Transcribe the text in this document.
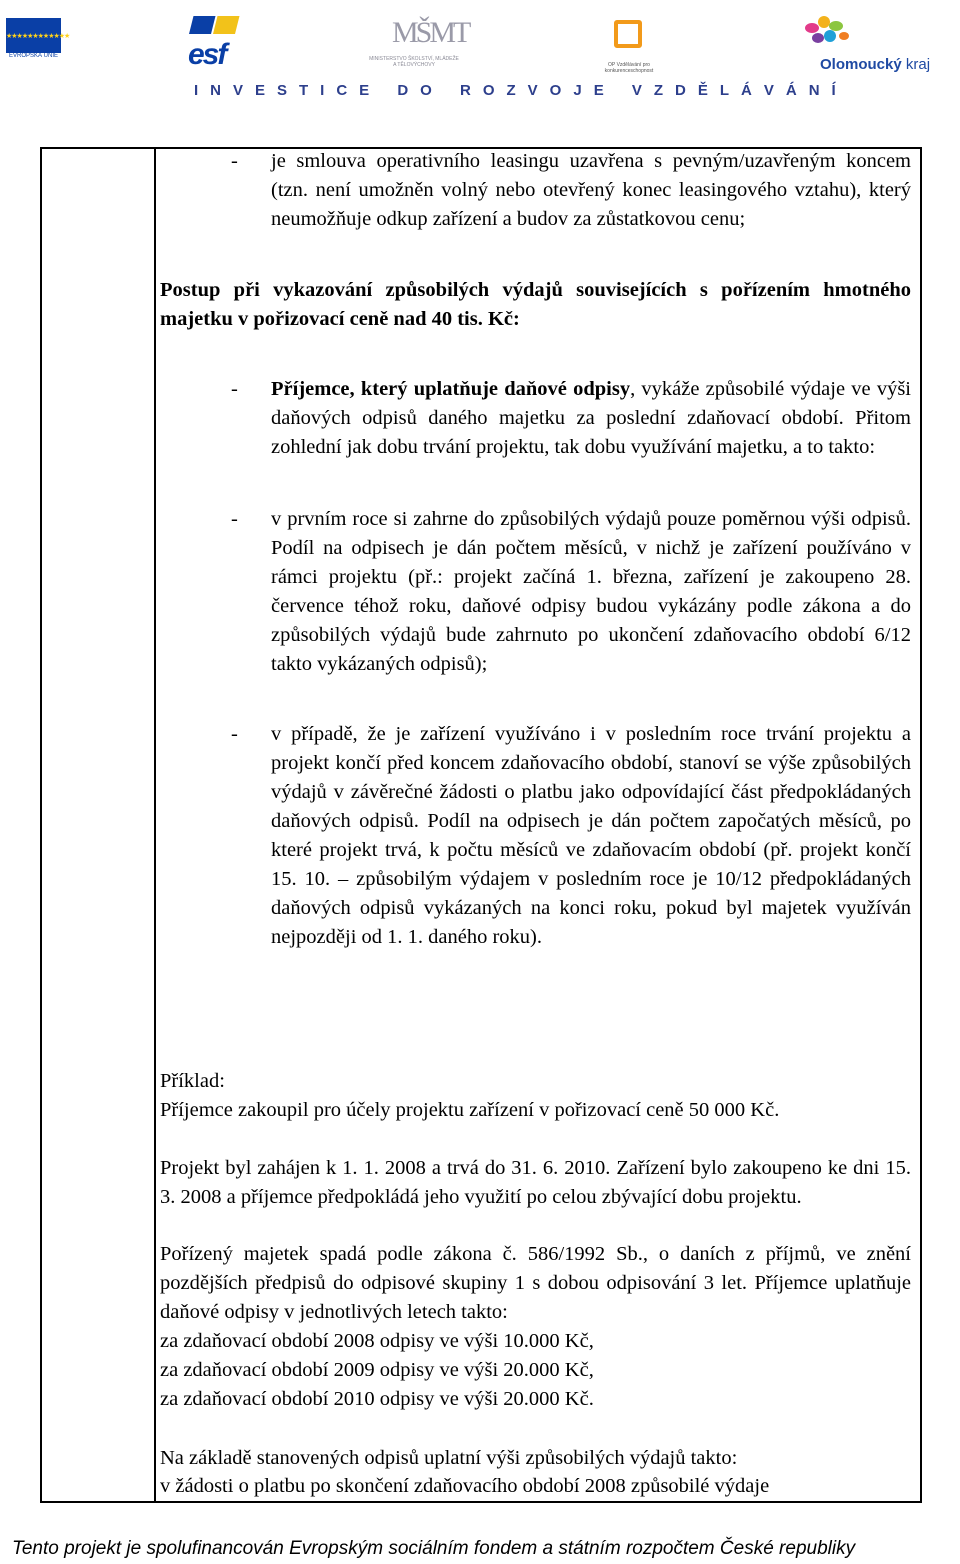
★★★★★★★★★★★★
EVROPSKÁ UNIE	esf
MŠMT
MINISTERSTVO ŠKOLSTVÍ, MLÁDEŽE A TĚLOVÝCHOVY	OP Vzdělávání pro konkurenceschopnost	Olomoucký kraj
INVESTICE DO ROZVOJE VZDĚLÁVÁNÍ
- je smlouva operativního leasingu uzavřena s pevným/uzavřeným koncem (tzn. není umožněn volný nebo otevřený konec leasingového vztahu), který neumožňuje odkup zařízení a budov za zůstatkovou cenu;
Postup při vykazování způsobilých výdajů souvisejících s pořízením hmotného majetku v pořizovací ceně nad 40 tis. Kč:
- Příjemce, který uplatňuje daňové odpisy, vykáže způsobilé výdaje ve výši daňových odpisů daného majetku za poslední zdaňovací období. Přitom zohlední jak dobu trvání projektu, tak dobu využívání majetku, a to takto:
- v prvním roce si zahrne do způsobilých výdajů pouze poměrnou výši odpisů. Podíl na odpisech je dán počtem měsíců, v nichž je zařízení používáno v rámci projektu (př.: projekt začíná 1. března, zařízení je zakoupeno 28. července téhož roku, daňové odpisy budou vykázány podle zákona a do způsobilých výdajů bude zahrnuto po ukončení zdaňovacího období 6/12 takto vykázaných odpisů);
- v případě, že je zařízení využíváno i v posledním roce trvání projektu a projekt končí před koncem zdaňovacího období, stanoví se výše způsobilých výdajů v závěrečné žádosti o platbu jako odpovídající část předpokládaných daňových odpisů. Podíl na odpisech je dán počtem započatých měsíců, po které projekt trvá, k počtu měsíců ve zdaňovacím období (př. projekt končí 15. 10. – způsobilým výdajem v posledním roce je 10/12 předpokládaných daňových odpisů vykázaných na konci roku, pokud byl majetek využíván nejpozději od 1. 1. daného roku).
Příklad:
Příjemce zakoupil pro účely projektu zařízení v pořizovací ceně 50 000 Kč.
Projekt byl zahájen k 1. 1. 2008 a trvá do 31. 6. 2010. Zařízení bylo zakoupeno ke dni 15. 3. 2008 a příjemce předpokládá jeho využití po celou zbývající dobu projektu.
Pořízený majetek spadá podle zákona č. 586/1992 Sb., o daních z příjmů, ve znění pozdějších předpisů do odpisové skupiny 1 s dobou odpisování 3 let. Příjemce uplatňuje daňové odpisy v jednotlivých letech takto:
za zdaňovací období 2008 odpisy ve výši 10.000 Kč,
za zdaňovací období 2009 odpisy ve výši 20.000 Kč,
za zdaňovací období 2010 odpisy ve výši 20.000 Kč.
Na základě stanovených odpisů uplatní výši způsobilých výdajů takto:
v žádosti o platbu po skončení zdaňovacího období 2008 způsobilé výdaje
Tento projekt je spolufinancován Evropským sociálním fondem a státním rozpočtem České republiky
